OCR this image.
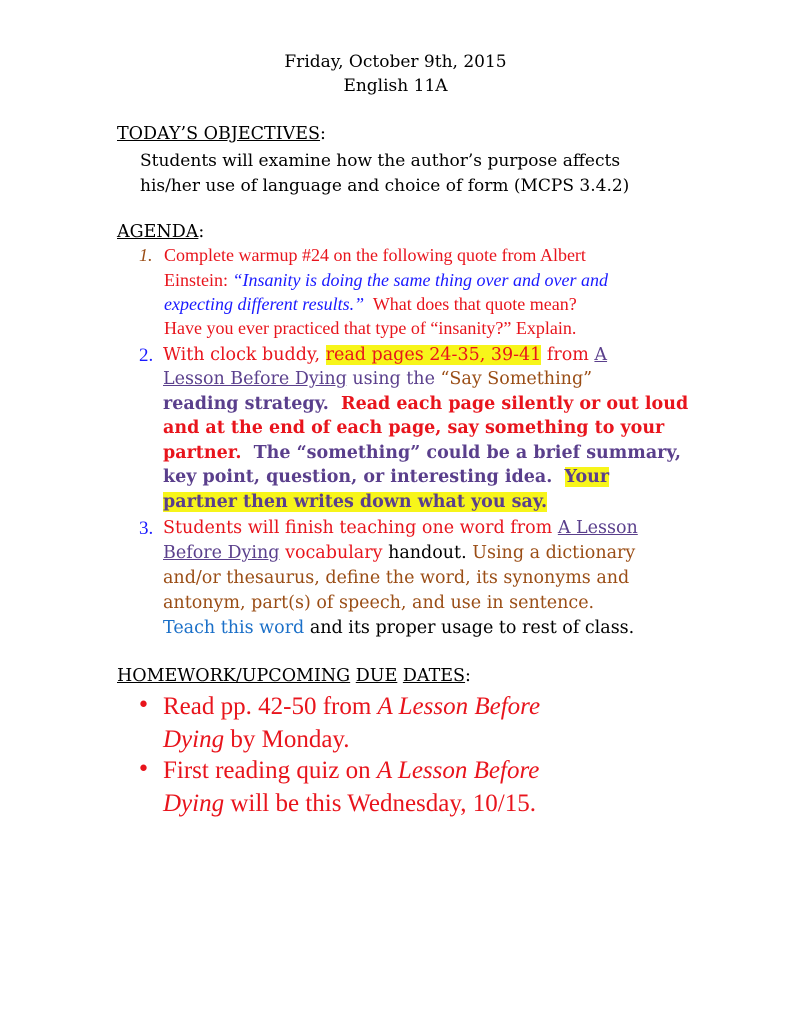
Friday, October 9th, 2015
English 11A
TODAY’S OBJECTIVES:
Students will examine how the author’s purpose affects
his/her use of language and choice of form (MCPS 3.4.2)
AGENDA:
1. Complete warmup #24 on the following quote from Albert
Einstein: “Insanity is doing the same thing over and over and
expecting different results.”  What does that quote mean?
Have you ever practiced that type of “insanity?” Explain.
2. With clock buddy, read pages 24-35, 39-41 from A
Lesson Before Dying using the “Say Something”
reading strategy.  Read each page silently or out loud
and at the end of each page, say something to your
partner.  The “something” could be a brief summary,
key point, question, or interesting idea.  Your
partner then writes down what you say.
3. Students will finish teaching one word from A Lesson
Before Dying vocabulary handout. Using a dictionary
and/or thesaurus, define the word, its synonyms and
antonym, part(s) of speech, and use in sentence.
Teach this word and its proper usage to rest of class.
HOMEWORK/UPCOMING DUE DATES:
• Read pp. 42-50 from A Lesson Before
Dying by Monday.
• First reading quiz on A Lesson Before
Dying will be this Wednesday, 10/15.
